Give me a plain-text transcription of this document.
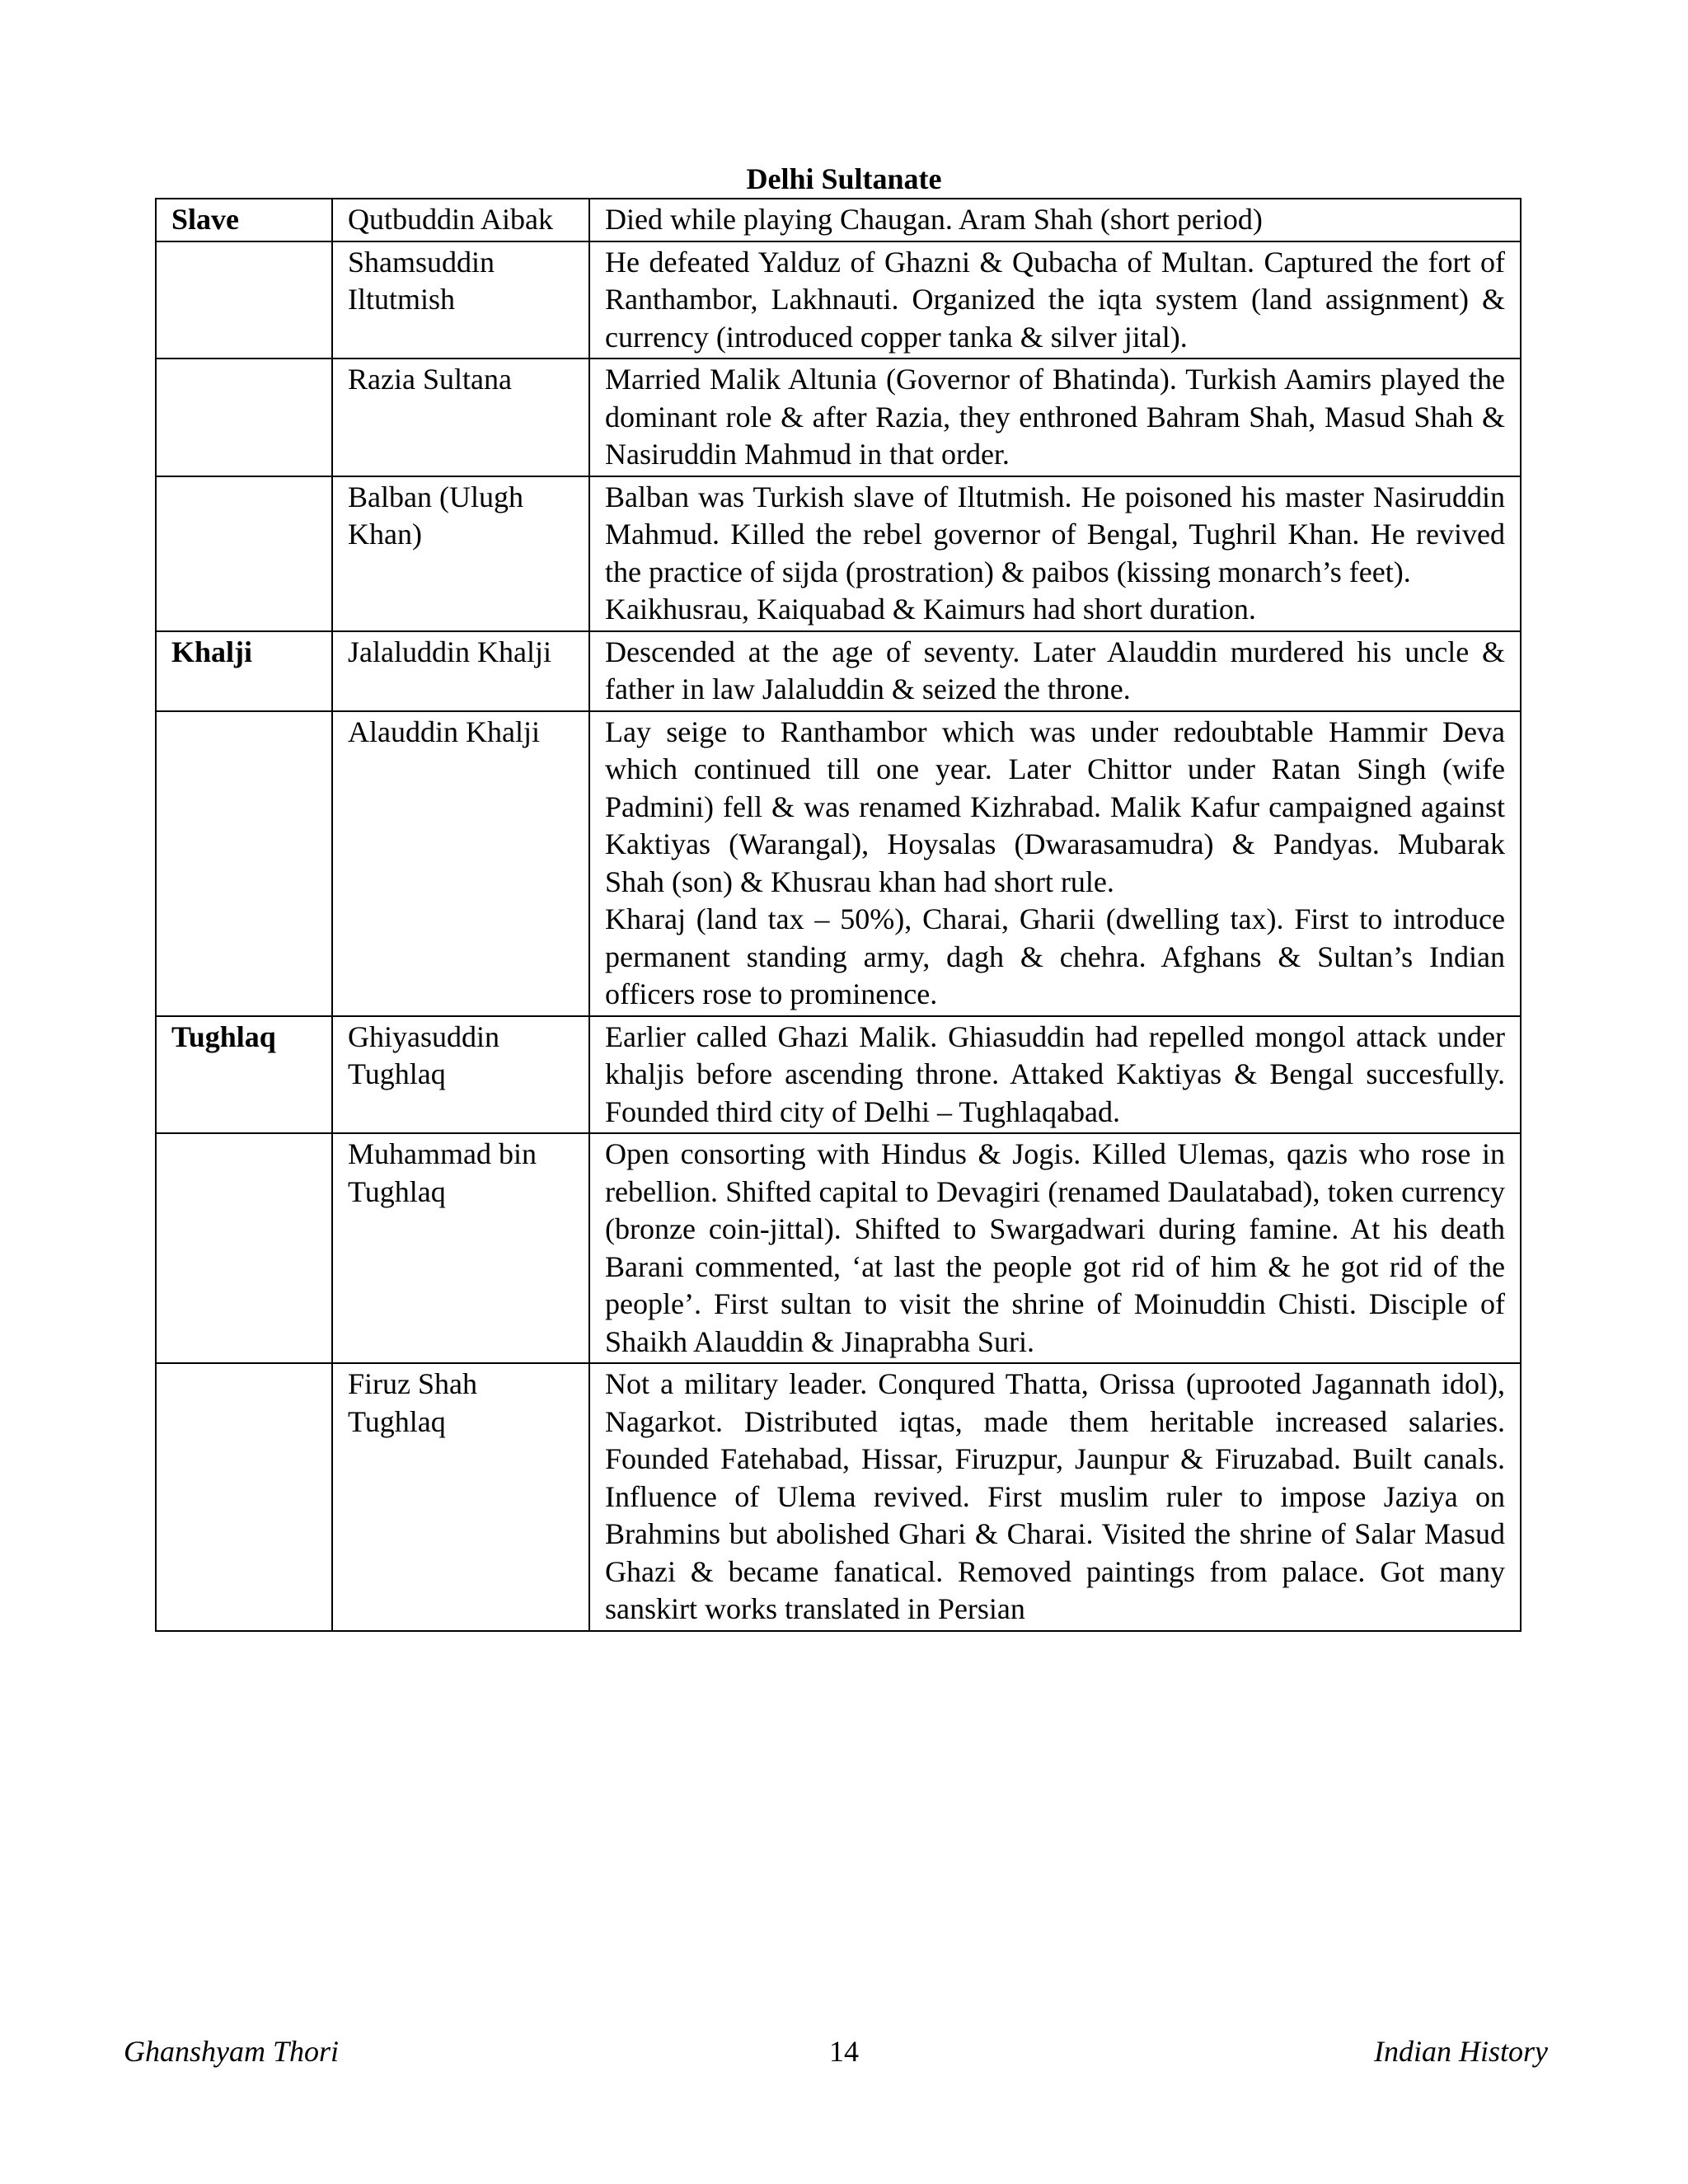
Delhi Sultanate
Slave	Qutbuddin Aibak	Died while playing Chaugan. Aram Shah (short period)

	Shamsuddin Iltutmish	He defeated Yalduz of Ghazni & Qubacha of Multan. Captured the fort of Ranthambor, Lakhnauti. Organized the iqta system (land assignment) & currency (introduced copper tanka & silver jital).

	Razia Sultana	Married Malik Altunia (Governor of Bhatinda). Turkish Aamirs played the dominant role & after Razia, they enthroned Bahram Shah, Masud Shah & Nasiruddin Mahmud in that order.

	Balban (Ulugh Khan)	Balban was Turkish slave of Iltutmish. He poisoned his master Nasiruddin Mahmud. Killed the rebel governor of Bengal, Tughril Khan. He revived the practice of sijda (prostration) & paibos (kissing monarch’s feet).
Kaikhusrau, Kaiquabad & Kaimurs had short duration.

Khalji	Jalaluddin Khalji	Descended at the age of seventy. Later Alauddin murdered his uncle & father in law Jalaluddin & seized the throne.

	Alauddin Khalji	Lay seige to Ranthambor which was under redoubtable Hammir Deva which continued till one year. Later Chittor under Ratan Singh (wife Padmini) fell & was renamed Kizhrabad. Malik Kafur campaigned against Kaktiyas (Warangal), Hoysalas (Dwarasamudra) & Pandyas. Mubarak Shah (son) & Khusrau khan had short rule.
Kharaj (land tax – 50%), Charai, Gharii (dwelling tax). First to introduce permanent standing army, dagh & chehra. Afghans & Sultan’s Indian officers rose to prominence.

Tughlaq	Ghiyasuddin Tughlaq	Earlier called Ghazi Malik. Ghiasuddin had repelled mongol attack under khaljis before ascending throne. Attaked Kaktiyas & Bengal succesfully. Founded third city of Delhi – Tughlaqabad.

	Muhammad bin Tughlaq	Open consorting with Hindus & Jogis. Killed Ulemas, qazis who rose in rebellion. Shifted capital to Devagiri (renamed Daulatabad), token currency (bronze coin-jittal). Shifted to Swargadwari during famine. At his death Barani commented, ‘at last the people got rid of him & he got rid of the people’. First sultan to visit the shrine of Moinuddin Chisti. Disciple of Shaikh Alauddin & Jinaprabha Suri.

	Firuz Shah Tughlaq	Not a military leader. Conqured Thatta, Orissa (uprooted Jagannath idol), Nagarkot. Distributed iqtas, made them heritable increased salaries. Founded Fatehabad, Hissar, Firuzpur, Jaunpur & Firuzabad. Built canals. Influence of Ulema revived. First muslim ruler to impose Jaziya on Brahmins but abolished Ghari & Charai. Visited the shrine of Salar Masud Ghazi & became fanatical. Removed paintings from palace. Got many sanskirt works translated in Persian
Ghanshyam Thori	14	Indian History
